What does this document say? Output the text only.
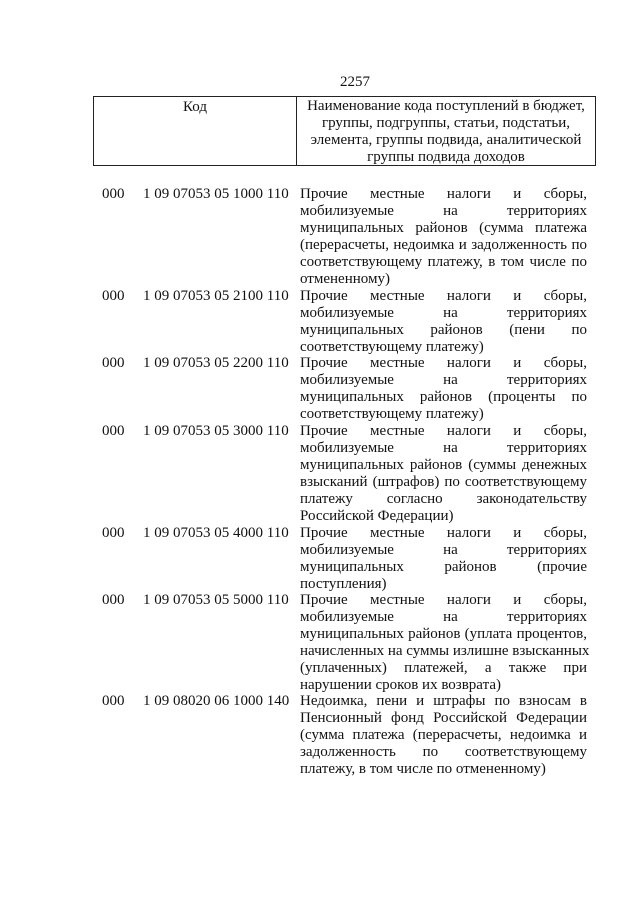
2257
Код	Наименование кода поступлений в бюджет,
группы, подгруппы, статьи, подстатьи,
элемента, группы подвида, аналитической
группы подвида доходов
000 1 09 07053 05 1000 110 Прочие местные налоги и сборы,
мобилизуемые на территориях
муниципальных районов (сумма платежа
(перерасчеты, недоимка и задолженность по
соответствующему платежу, в том числе по
отмененному)
000 1 09 07053 05 2100 110 Прочие местные налоги и сборы,
мобилизуемые на территориях
муниципальных районов (пени по
соответствующему платежу)
000 1 09 07053 05 2200 110 Прочие местные налоги и сборы,
мобилизуемые на территориях
муниципальных районов (проценты по
соответствующему платежу)
000 1 09 07053 05 3000 110 Прочие местные налоги и сборы,
мобилизуемые на территориях
муниципальных районов (суммы денежных
взысканий (штрафов) по соответствующему
платежу согласно законодательству
Российской Федерации)
000 1 09 07053 05 4000 110 Прочие местные налоги и сборы,
мобилизуемые на территориях
муниципальных районов (прочие
поступления)
000 1 09 07053 05 5000 110 Прочие местные налоги и сборы,
мобилизуемые на территориях
муниципальных районов (уплата процентов,
начисленных на суммы излишне взысканных
(уплаченных) платежей, а также при
нарушении сроков их возврата)
000 1 09 08020 06 1000 140 Недоимка, пени и штрафы по взносам в
Пенсионный фонд Российской Федерации
(сумма платежа (перерасчеты, недоимка и
задолженность по соответствующему
платежу, в том числе по отмененному)
